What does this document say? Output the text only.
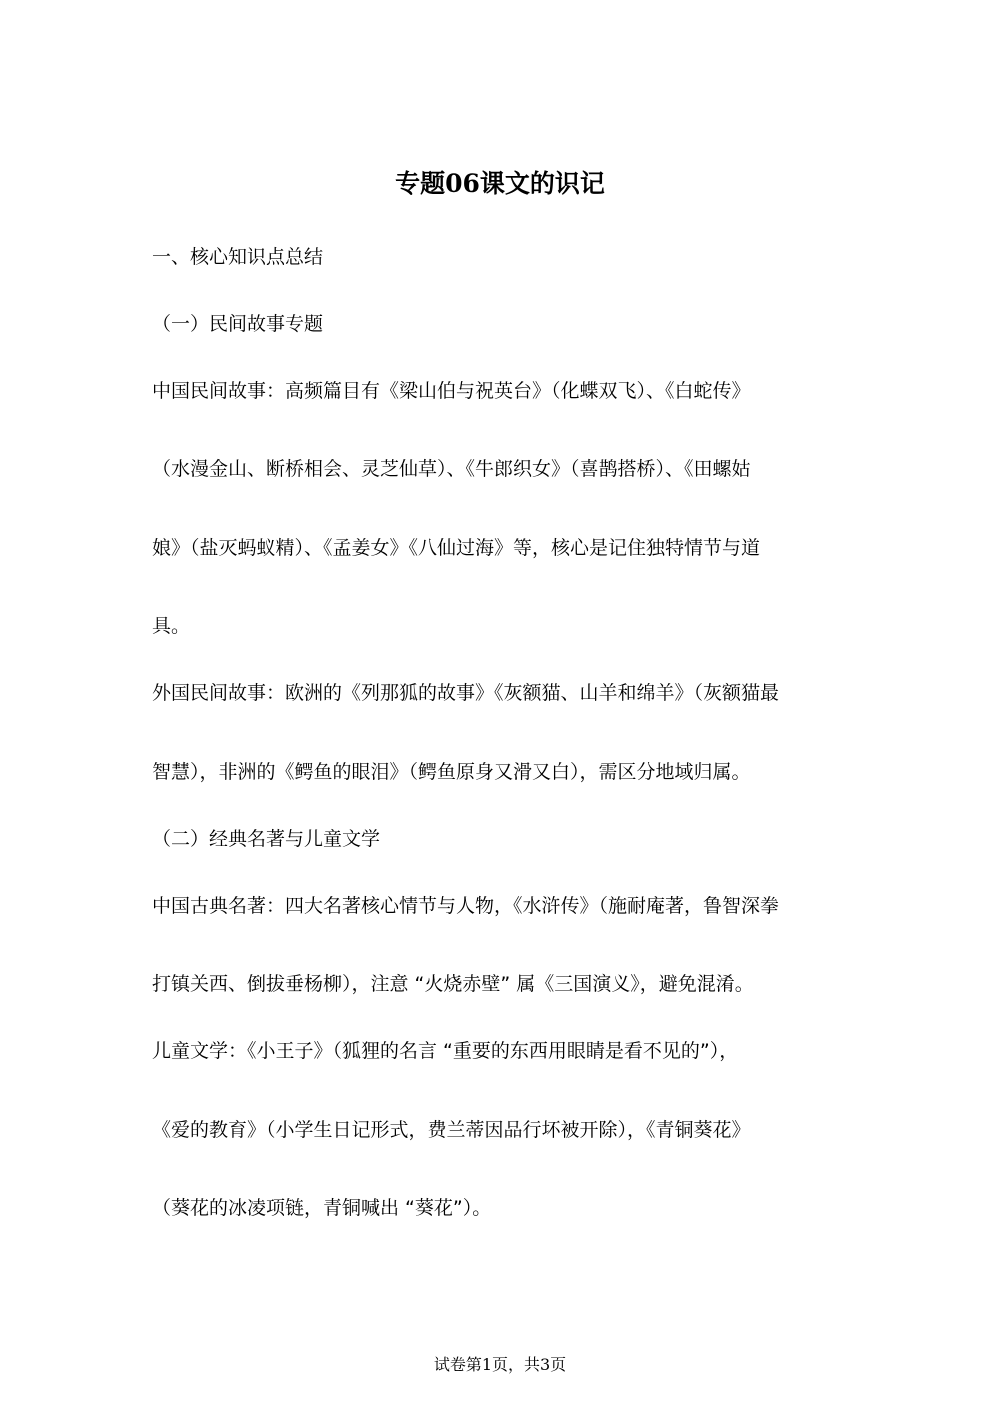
专题06课文的识记
一、核心知识点总结
（一）民间故事专题
中国民间故事：高频篇目有《梁山伯与祝英台》（化蝶双飞）、《白蛇传》
（水漫金山、断桥相会、灵芝仙草）、《牛郎织女》（喜鹊搭桥）、《田螺姑
娘》（盐灭蚂蚁精）、《孟姜女》《八仙过海》等，核心是记住独特情节与道
具。
外国民间故事：欧洲的《列那狐的故事》《灰额猫、山羊和绵羊》（灰额猫最
智慧），非洲的《鳄鱼的眼泪》（鳄鱼原身又滑又白），需区分地域归属。
（二）经典名著与儿童文学
中国古典名著：四大名著核心情节与人物，《水浒传》（施耐庵著，鲁智深拳
打镇关西、倒拔垂杨柳），注意 “火烧赤壁” 属《三国演义》，避免混淆。
儿童文学：《小王子》（狐狸的名言 “重要的东西用眼睛是看不见的”），
《爱的教育》（小学生日记形式，费兰蒂因品行坏被开除），《青铜葵花》
（葵花的冰凌项链，青铜喊出 “葵花”）。
试卷第1页，共3页
